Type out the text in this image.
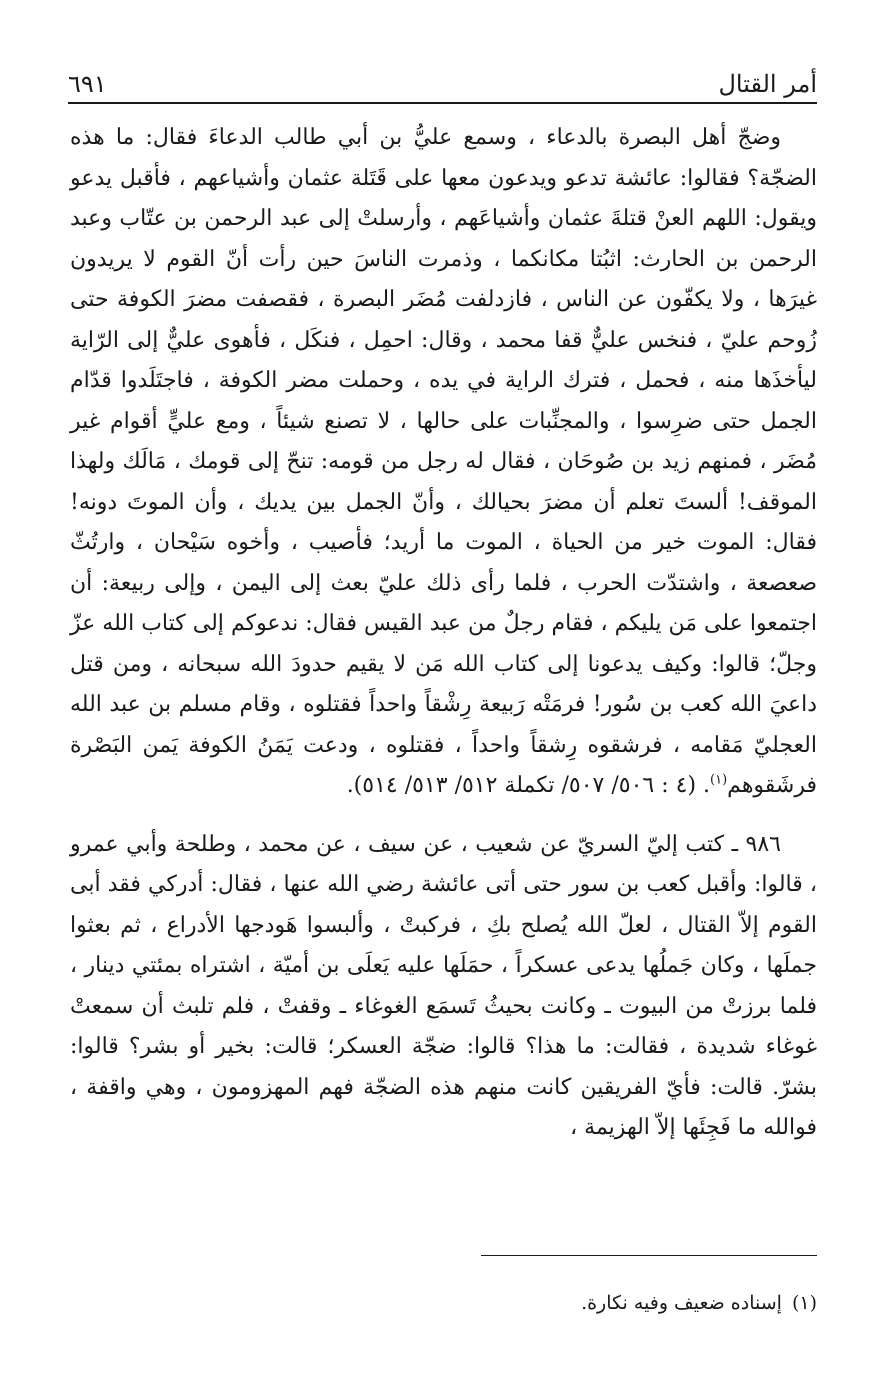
أمر القتال
٦٩١

وضجّ أهل البصرة بالدعاء ، وسمع عليُّ بن أبي طالب الدعاءَ فقال: ما هذه الضجّة؟ فقالوا: عائشة تدعو ويدعون معها على قَتَلة عثمان وأشياعهم ، فأقبل يدعو ويقول: اللهم العنْ قتلةَ عثمان وأشياعَهم ، وأرسلتْ إلى عبد الرحمن بن عتّاب وعبد الرحمن بن الحارث: اثبُتا مكانكما ، وذمرت الناسَ حين رأت أنّ القوم لا يريدون غيرَها ، ولا يكفّون عن الناس ، فازدلفت مُضَر البصرة ، فقصفت مضرَ الكوفة حتى زُوحم عليّ ، فنخس عليٌّ قفا محمد ، وقال: احمِل ، فنكَل ، فأهوى عليٌّ إلى الرّاية ليأخذَها منه ، فحمل ، فترك الراية في يده ، وحملت مضر الكوفة ، فاجتَلَدوا قدّام الجمل حتى ضرِسوا ، والمجنِّبات على حالها ، لا تصنع شيئاً ، ومع عليٍّ أقوام غير مُضَر ، فمنهم زيد بن صُوحَان ، فقال له رجل من قومه: تنحّ إلى قومك ، مَالَك ولهذا الموقف! ألستَ تعلم أن مضرَ بحيالك ، وأنّ الجمل بين يديك ، وأن الموتَ دونه! فقال: الموت خير من الحياة ، الموت ما أريد؛ فأصيب ، وأخوه سَيْحان ، وارتُثّ صعصعة ، واشتدّت الحرب ، فلما رأى ذلك عليّ بعث إلى اليمن ، وإلى ربيعة: أن اجتمعوا على مَن يليكم ، فقام رجلٌ من عبد القيس فقال: ندعوكم إلى كتاب الله عزّ وجلّ؛ قالوا: وكيف يدعونا إلى كتاب الله مَن لا يقيم حدودَ الله سبحانه ، ومن قتل داعيَ الله كعب بن سُور! فرمَتْه رَبيعة رِشْقاً واحداً فقتلوه ، وقام مسلم بن عبد الله العجليّ مَقامه ، فرشقوه رِشقاً واحداً ، فقتلوه ، ودعت يَمَنُ الكوفة يَمن البَصْرة فرشَقوهم$^{(١)}$. (٤ : ٥٠٦/ ٥٠٧/ تكملة ٥١٢/ ٥١٣/ ٥١٤).

٩٨٦ ـ كتب إليّ السريّ عن شعيب ، عن سيف ، عن محمد ، وطلحة وأبي عمرو ، قالوا: وأقبل كعب بن سور حتى أتى عائشة رضي الله عنها ، فقال: أدركي فقد أبى القوم إلاّ القتال ، لعلّ الله يُصلح بكِ ، فركبتْ ، وألبسوا هَودجها الأدراع ، ثم بعثوا جملَها ، وكان جَملُها يدعى عسكراً ، حمَلَها عليه يَعلَى بن أميّة ، اشتراه بمئتي دينار ، فلما برزتْ من البيوت ـ وكانت بحيثُ تَسمَع الغوغاء ـ وقفتْ ، فلم تلبث أن سمعتْ غوغاء شديدة ، فقالت: ما هذا؟ قالوا: ضجّة العسكر؛ قالت: بخير أو بشر؟ قالوا: بشرّ. قالت: فأيّ الفريقين كانت منهم هذه الضجّة فهم المهزومون ، وهي واقفة ، فوالله ما فَجِئَها إلاّ الهزيمة ،

(١)إسناده ضعيف وفيه نكارة.
